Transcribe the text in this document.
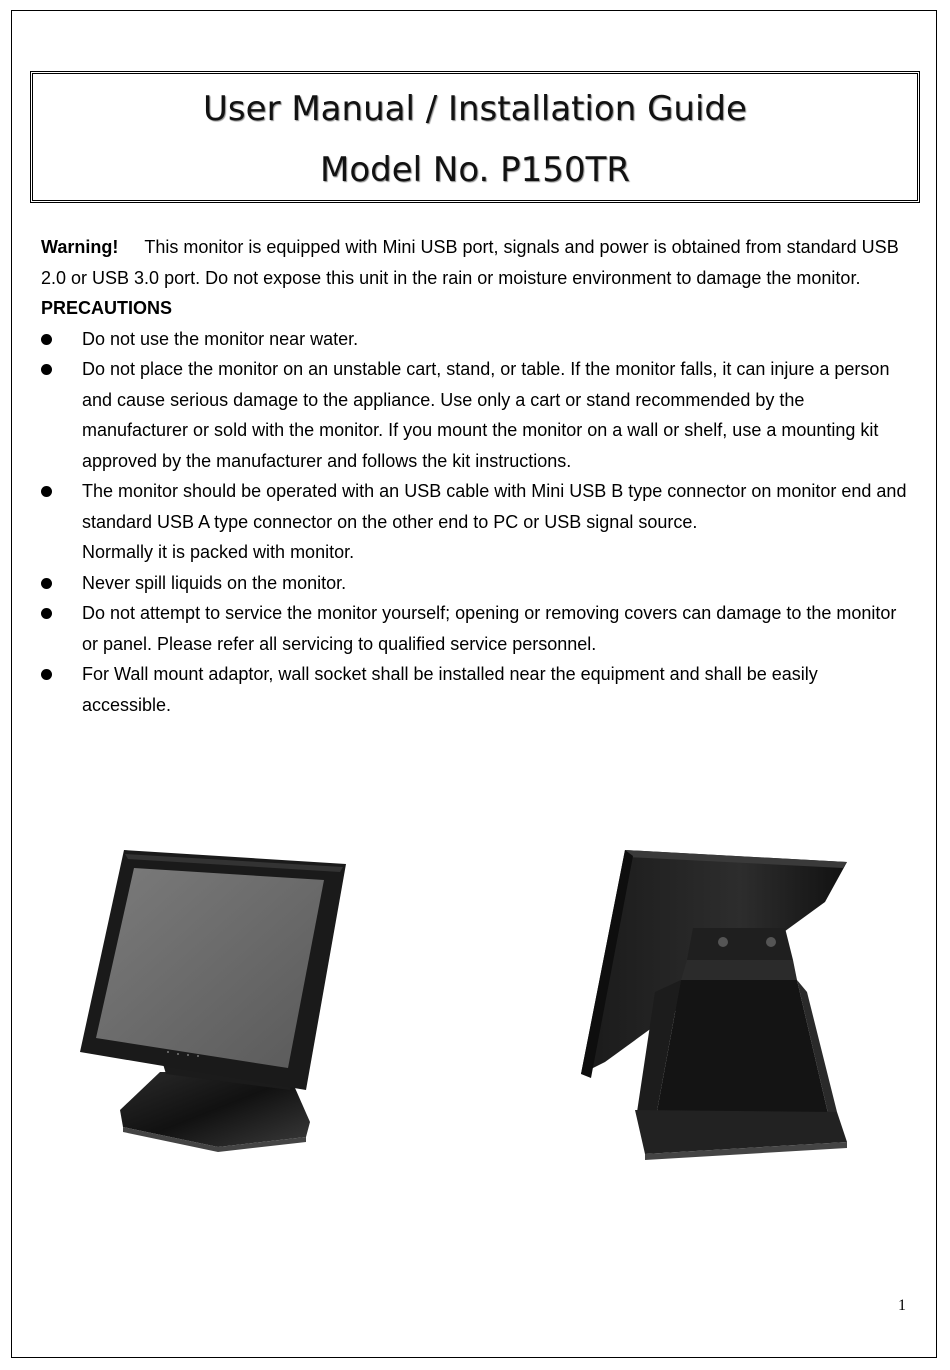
User Manual / Installation Guide
Model No. P150TR

Warning! This monitor is equipped with Mini USB port, signals and power is obtained from standard USB 2.0 or USB 3.0 port. Do not expose this unit in the rain or moisture environment to damage the monitor.

PRECAUTIONS

Do not use the monitor near water.
Do not place the monitor on an unstable cart, stand, or table. If the monitor falls, it can injure a person and cause serious damage to the appliance. Use only a cart or stand recommended by the manufacturer or sold with the monitor. If you mount the monitor on a wall or shelf, use a mounting kit approved by the manufacturer and follows the kit instructions.
The monitor should be operated with an USB cable with Mini USB B type connector on monitor end and standard USB A type connector on the other end to PC or USB signal source.
Normally it is packed with monitor.
Never spill liquids on the monitor.
Do not attempt to service the monitor yourself; opening or removing covers can damage to the monitor or panel. Please refer all servicing to qualified service personnel.
For Wall mount adaptor, wall socket shall be installed near the equipment and shall be easily accessible.
1
